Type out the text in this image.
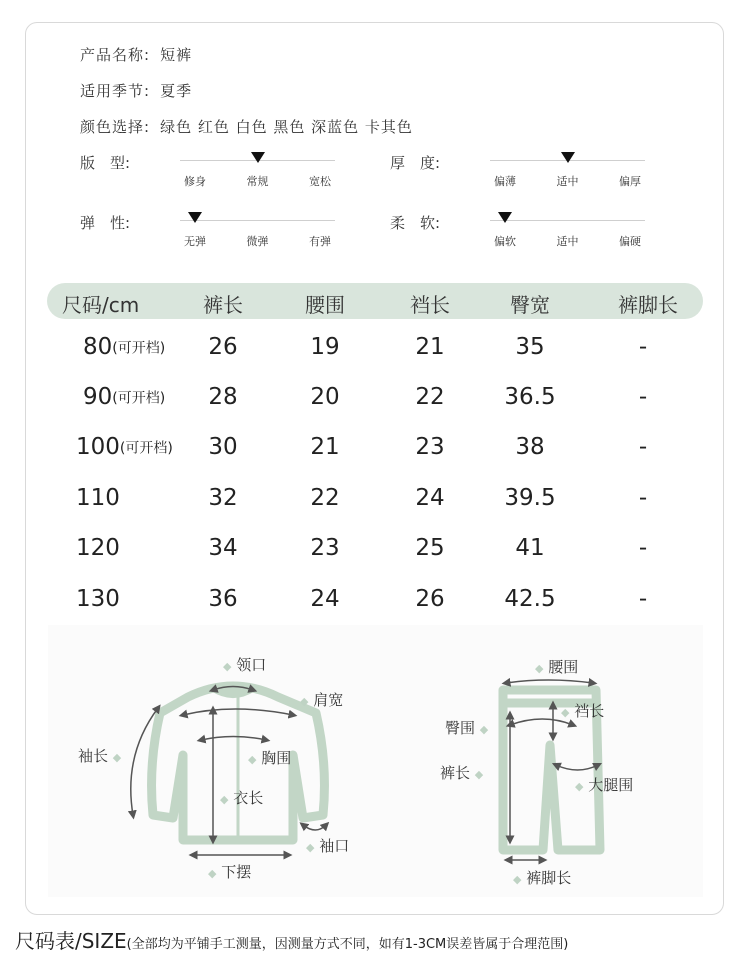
产品名称: 短裤
适用季节: 夏季
颜色选择: 绿色 红色 白色 黑色 深蓝色 卡其色
版　型:
修身	常规	宽松
厚　度:
偏薄	适中	偏厚
弹　性:
无弹	微弹	有弹
柔　软:
偏软	适中	偏硬
尺码/cm	裤长	腰围	裆长	臀宽	裤脚长
80(可开档)	26	19	21	35	-
90(可开档)	28	20	22	36.5	-
100(可开档)	30	21	23	38	-
110	32	22	24	39.5	-
120	34	23	25	41	-
130	36	24	26	42.5	-
◆ 领口
◆ 肩宽
袖长 ◆	◆ 胸围
◆ 衣长
◆ 袖口
◆ 下摆
◆ 腰围
◆ 裆长
臀围 ◆
裤长 ◆
◆ 大腿围
◆ 裤脚长
尺码表/SIZE(全部均为平铺手工测量，因测量方式不同，如有1-3CM误差皆属于合理范围)
